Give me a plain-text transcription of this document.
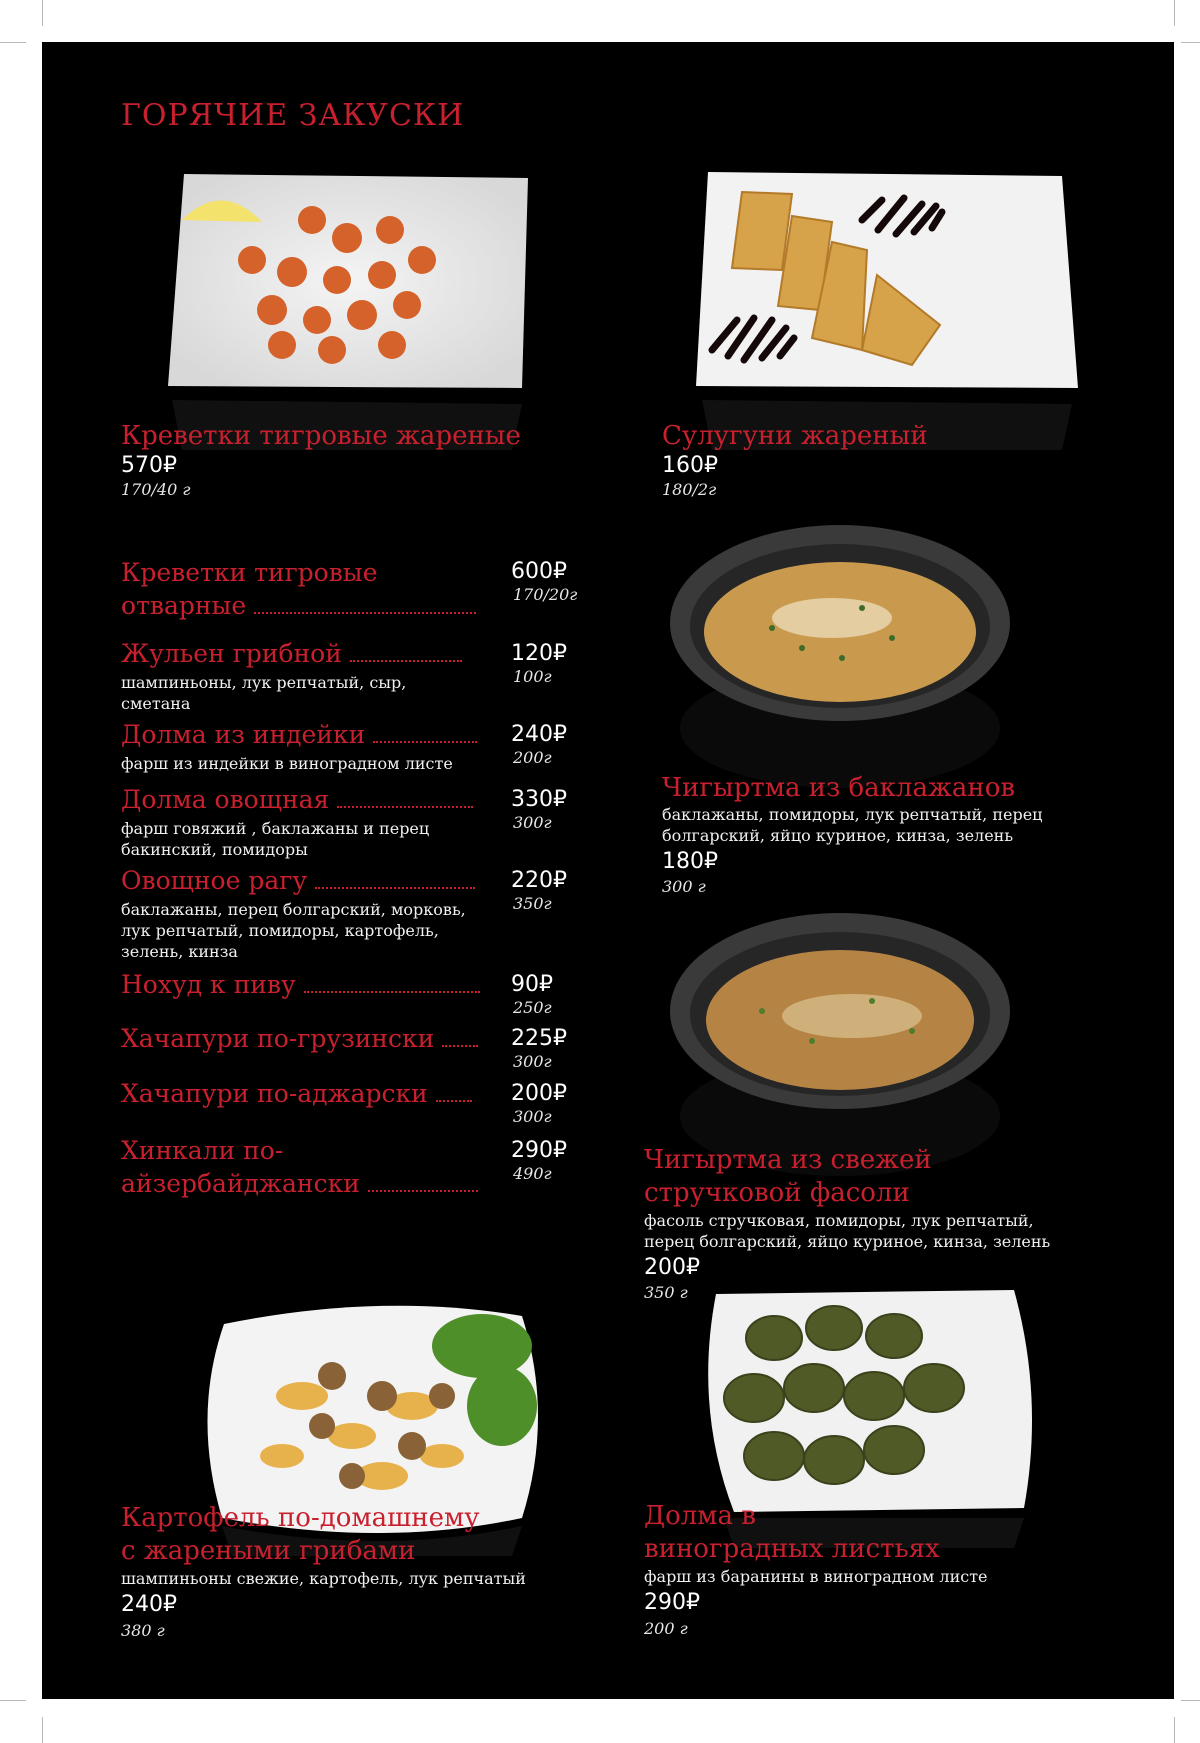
ГОРЯЧИЕ ЗАКУСКИ
Креветки тигровые жареные
570₽
170/40 г
Сулугуни жареный
160₽
180/2г
Чигыртма из баклажанов
баклажаны, помидоры, лук репчатый, перец
болгарский, яйцо куриное, кинза, зелень
180₽
300 г
Чигыртма из свежей
стручковой фасоли
фасоль стручковая, помидоры, лук репчатый,
перец болгарский, яйцо куриное, кинза, зелень
200₽
350 г
Картофель по-домашнему
с жареными грибами
шампиньоны свежие, картофель, лук репчатый
240₽
380 г
Долма в
виноградных листьях
фарш из баранины в виноградном листе
290₽
200 г
Креветки тигровые
отварные
600₽
170/20г
Жульен грибной
шампиньоны, лук репчатый, сыр,
сметана
120₽
100г
Долма из индейки
фарш из индейки в виноградном листе
240₽
200г
Долма овощная
фарш говяжий , баклажаны и перец
бакинский, помидоры
330₽
300г
Овощное рагу
баклажаны, перец болгарский, морковь,
лук репчатый, помидоры, картофель,
зелень, кинза
220₽
350г
Нохуд к пиву	90₽
250г
Хачапури по-грузински	225₽
300г
Хачапури по-аджарски	200₽
300г
Хинкали по-
айзербайджански
290₽
490г
